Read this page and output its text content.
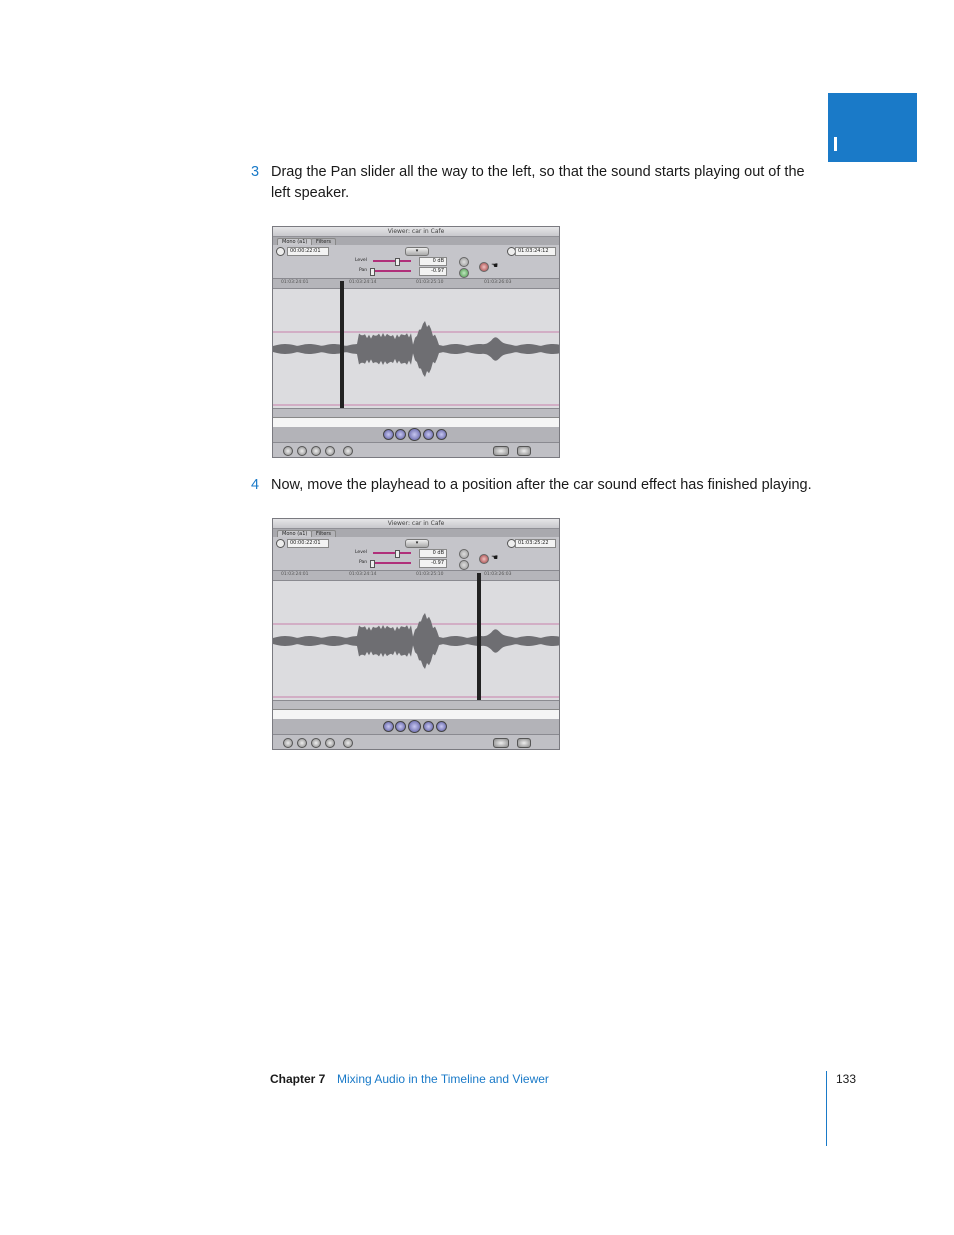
3 Drag the Pan slider all the way to the left, so that the sound starts playing out of the left speaker.
Viewer: car in Cafe
Mono (a1)	Filters
00:00:22:01	▾	01:03:24:12
Level	0 dB
Pan	-0.97
☚
01:03:24:01	01:03:24:14	01:03:25:10	01:03:26:03
4 Now, move the playhead to a position after the car sound effect has finished playing.
Viewer: car in Cafe
Mono (a1)	Filters
00:00:22:01	▾	01:03:25:22
Level	0 dB
Pan	-0.97
☚
01:03:24:01	01:03:24:14	01:03:25:10	01:03:26:03
Chapter 7 Mixing Audio in the Timeline and Viewer	133
